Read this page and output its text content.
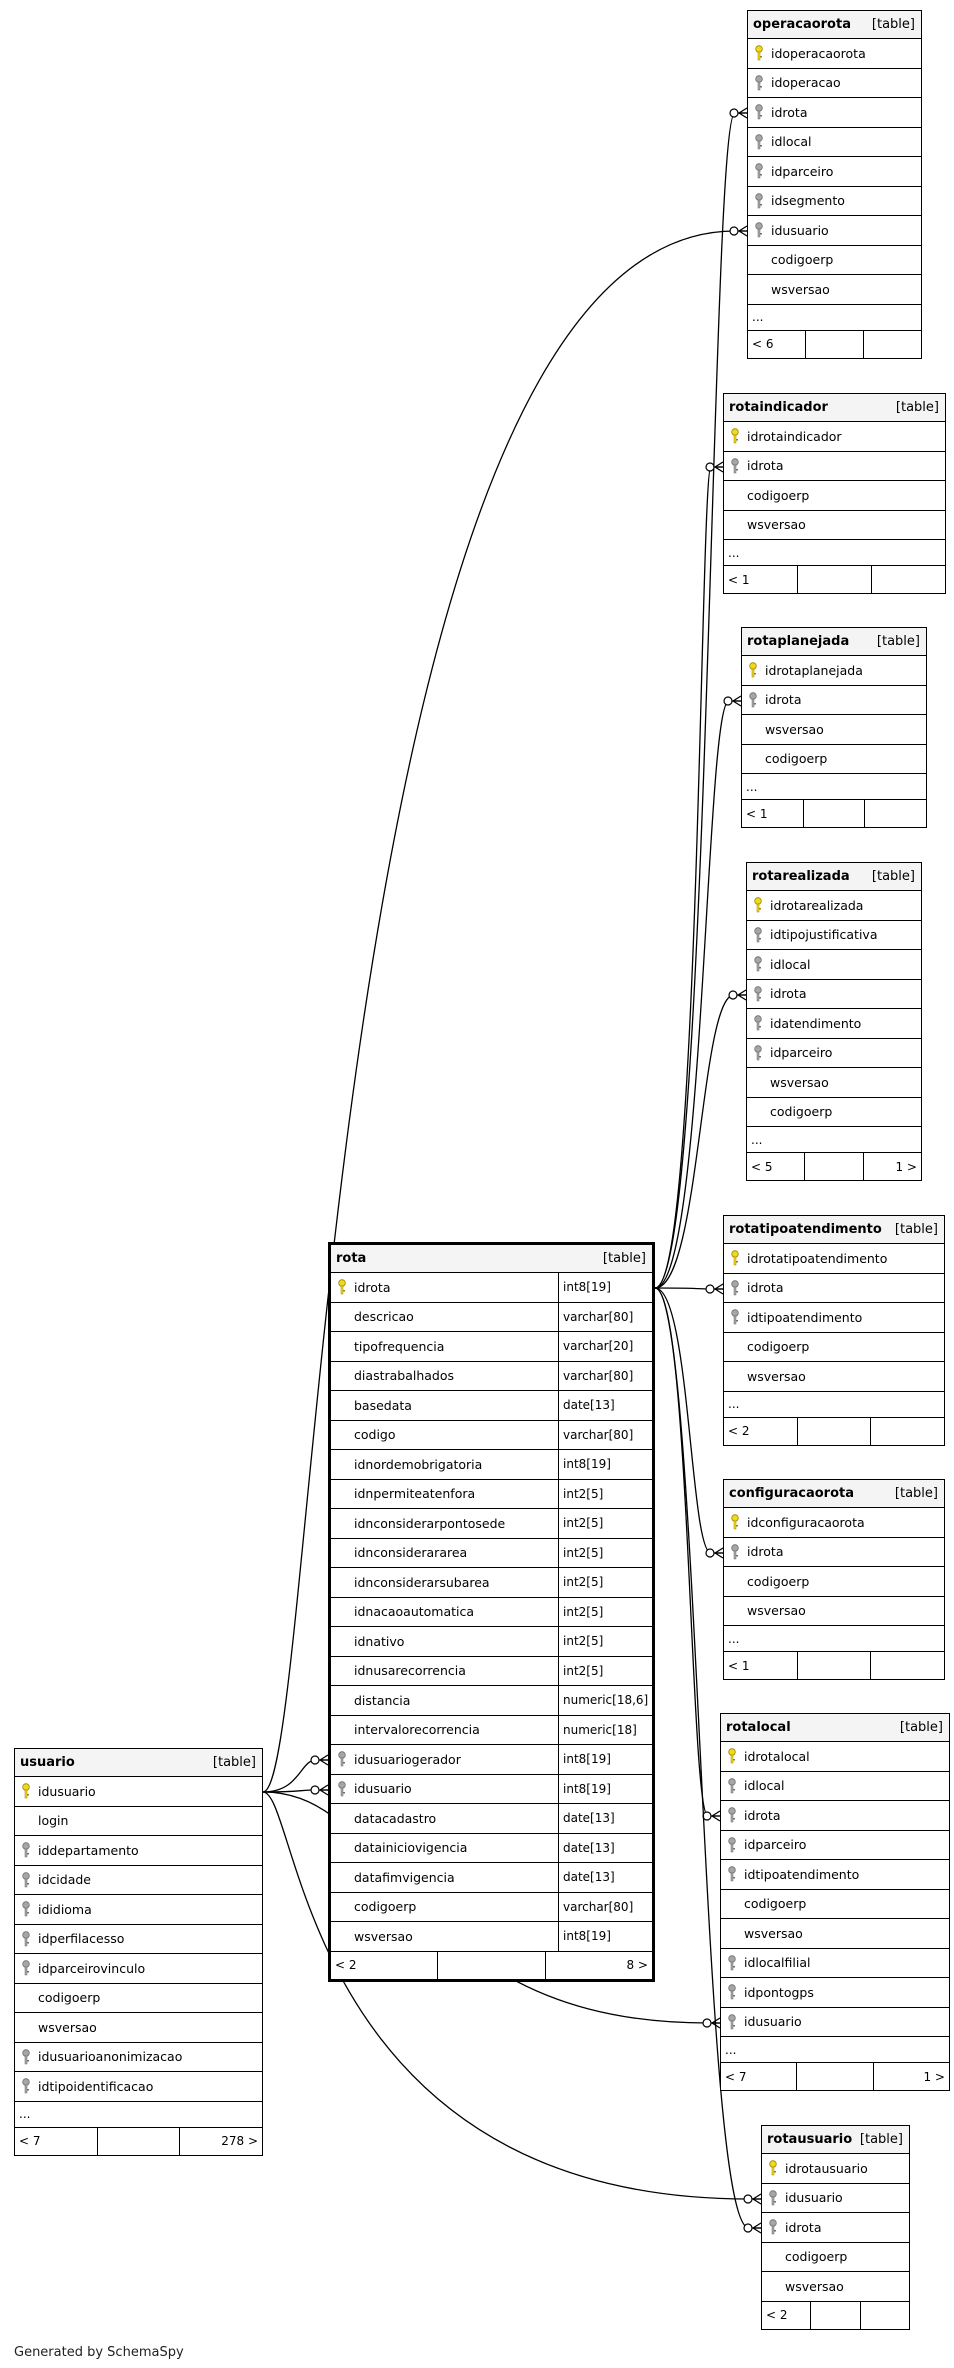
operacaorota [table]
idoperacaorota
idoperacao
idrota
idlocal
idparceiro
idsegmento
idusuario
codigoerp
wsversao
...
< 6
rotaindicador	[table]
idrotaindicador
idrota
codigoerp
wsversao
...
< 1
rotaplanejada [table]
idrotaplanejada
idrota
wsversao
codigoerp
...
< 1
rotarealizada [table]
idrotarealizada
idtipojustificativa
idlocal
idrota
idatendimento
idparceiro
wsversao
codigoerp
...
< 5	1 >
rotatipoatendimento [table]
idrotatipoatendimento
idrota
idtipoatendimento
codigoerp
wsversao
...
< 2
configuracaorota	[table]
idconfiguracaorota
idrota
codigoerp
wsversao
...
< 1
rotalocal	[table]
idrotalocal
idlocal
idrota
idparceiro
idtipoatendimento
codigoerp
wsversao
idlocalfilial
idpontogps
idusuario
...
< 7	1 >
rotausuario [table]
idrotausuario
idusuario
idrota
codigoerp
wsversao
< 2
rota	[table]
idrota	int8[19]
descricao	varchar[80]
tipofrequencia	varchar[20]
diastrabalhados	varchar[80]
basedata	date[13]
codigo	varchar[80]
idnordemobrigatoria	int8[19]
idnpermiteatenfora	int2[5]
idnconsiderarpontosede	int2[5]
idnconsiderararea	int2[5]
idnconsiderarsubarea	int2[5]
idnacaoautomatica	int2[5]
idnativo	int2[5]
idnusarecorrencia	int2[5]
distancia	numeric[18,6]
intervalorecorrencia	numeric[18]
idusuariogerador	int8[19]
idusuario	int8[19]
datacadastro	date[13]
datainiciovigencia	date[13]
datafimvigencia	date[13]
codigoerp	varchar[80]
wsversao	int8[19]
< 2	8 >
usuario	[table]
idusuario
login
iddepartamento
idcidade
ididioma
idperfilacesso
idparceirovinculo
codigoerp
wsversao
idusuarioanonimizacao
idtipoidentificacao
...
< 7	278 >
Generated by SchemaSpy
